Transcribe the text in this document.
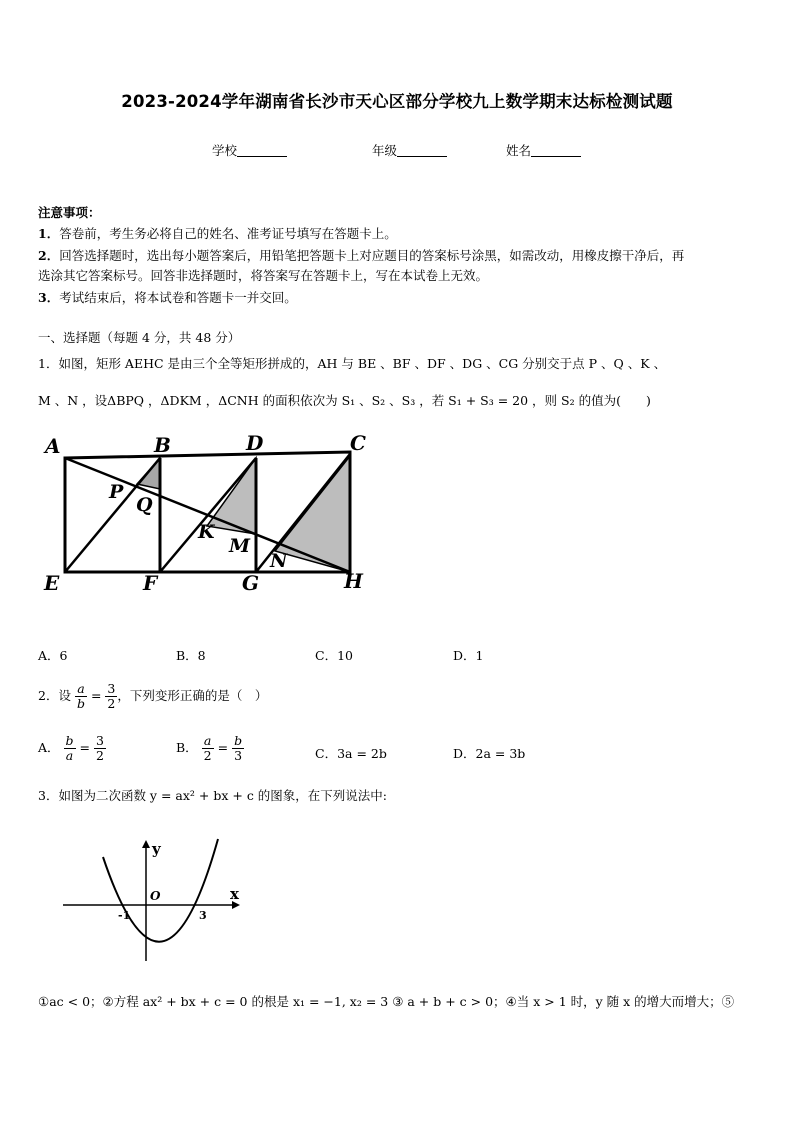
2023-2024学年湖南省长沙市天心区部分学校九上数学期末达标检测试题
学校	年级	姓名
注意事项：
1．答卷前，考生务必将自己的姓名、准考证号填写在答题卡上。
2．回答选择题时，选出每小题答案后，用铅笔把答题卡上对应题目的答案标号涂黑，如需改动，用橡皮擦干净后，再
选涂其它答案标号。回答非选择题时，将答案写在答题卡上，写在本试卷上无效。
3．考试结束后，将本试卷和答题卡一并交回。
一、选择题（每题 4 分，共 48 分）
1．如图，矩形 AEHC 是由三个全等矩形拼成的，AH 与 BE 、BF 、DF 、DG 、CG 分别交于点 P 、Q 、K 、
M 、N ，设ΔBPQ ，ΔDKM ，ΔCNH 的面积依次为 S₁ 、S₂ 、S₃ ，若 S₁ + S₃ = 20 ，则 S₂ 的值为(　　)
A	B	D	C
E	F	G	H
P
Q
K
M
N
A．6	B．8	C．10	D．1
2．设 $\frac{a}{b} = \frac{3}{2}$ ，下列变形正确的是（　）
A． $\frac{b}{a} = \frac{3}{2}$	B． $\frac{a}{2} = \frac{b}{3}$	C．3a = 2b	D．2a = 3b
3．如图为二次函数 y = ax² + bx + c 的图象，在下列说法中:
y
x
O
-1	3
①ac < 0；②方程 ax² + bx + c = 0 的根是 x₁ = −1, x₂ = 3 ③ a + b + c > 0；④当 x > 1 时，y 随 x 的增大而增大；⑤
